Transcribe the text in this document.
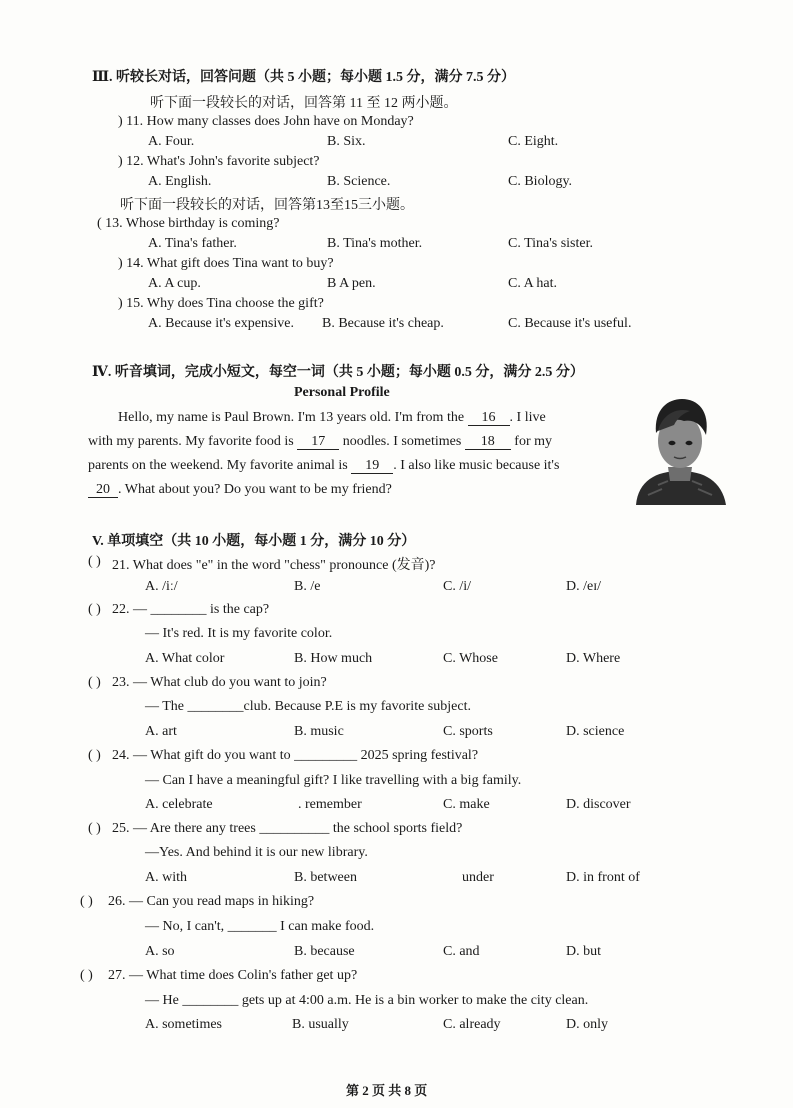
Ⅲ. 听较长对话，回答问题（共 5 小题；每小题 1.5 分，满分 7.5 分）
听下面一段较长的对话，回答第 11 至 12 两小题。
) 11. How many classes does John have on Monday?
A. Four.	B. Six.	C. Eight.
) 12. What's John's favorite subject?
A. English.	B. Science.	C. Biology.
听下面一段较长的对话，回答第13至15三小题。
( 13. Whose birthday is coming?
A. Tina's father.	B. Tina's mother.	C. Tina's sister.
) 14. What gift does Tina want to buy?
A. A cup.	B A pen.	C. A hat.
) 15. Why does Tina choose the gift?
A. Because it's expensive. B. Because it's cheap.	C. Because it's useful.
Ⅳ. 听音填词，完成小短文，每空一词（共 5 小题；每小题 0.5 分，满分 2.5 分）
Personal Profile
Hello, my name is Paul Brown. I'm 13 years old. I'm from the 16 . I live
with my parents. My favorite food is 17 noodles. I sometimes 18 for my
parents on the weekend. My favorite animal is 19 . I also like music because it's
20 . What about you? Do you want to be my friend?
V. 单项填空（共 10 小题，每小题 1 分，满分 10 分）
( ) 21. What does "e" in the word "chess" pronounce (发音)?
A. /iː/	B. /e	C. /i/	D. /eɪ/
( ) 22. — ________ is the cap?
— It's red. It is my favorite color.
A. What color	B. How much	C. Whose	D. Where
( ) 23. — What club do you want to join?
— The ________club. Because P.E is my favorite subject.
A. art	B. music	C. sports	D. science
( ) 24. — What gift do you want to _________ 2025 spring festival?
— Can I have a meaningful gift? I like travelling with a big family.
A. celebrate	. remember	C. make	D. discover
( ) 25. — Are there any trees __________ the school sports field?
—Yes. And behind it is our new library.
A. with	B. between	under	D. in front of
( ) 26. — Can you read maps in hiking?
— No, I can't, _______ I can make food.
A. so	B. because	C. and	D. but
( ) 27. — What time does Colin's father get up?
— He ________ gets up at 4:00 a.m. He is a bin worker to make the city clean.
A. sometimes	B. usually	C. already	D. only
第 2 页 共 8 页
